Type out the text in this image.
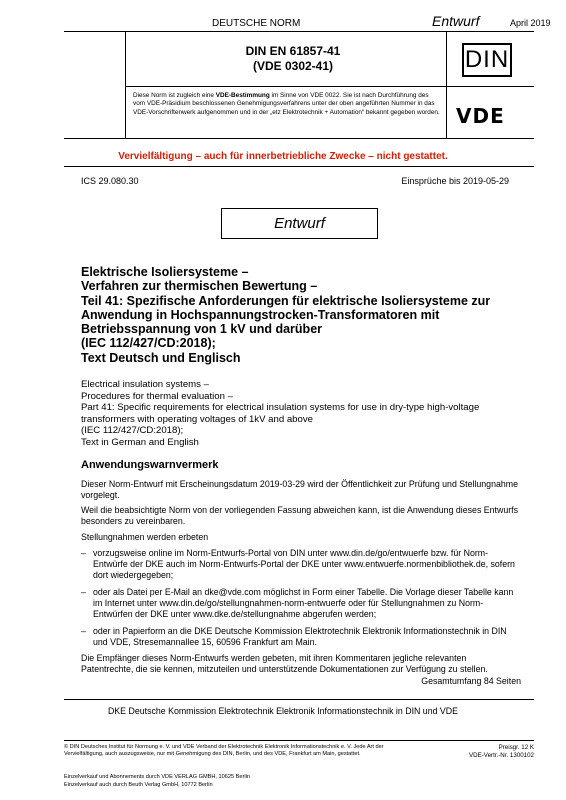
DEUTSCHE NORM	Entwurf	April 2019
DIN EN 61857-41
(VDE 0302-41)	DIN
Diese Norm ist zugleich eine VDE-Bestimmung im Sinne von VDE 0022. Sie ist nach Durchführung des vom VDE-Präsidium beschlossenen Genehmigungsverfahrens unter der oben angeführten Nummer in das VDE-Vorschriftenwerk aufgenommen und in der „etz Elektrotechnik + Automation“ bekannt gegeben worden. VDE
Vervielfältigung – auch für innerbetriebliche Zwecke – nicht gestattet.
ICS 29.080.30	Einsprüche bis 2019-05-29
Entwurf
Elektrische Isoliersysteme –
Verfahren zur thermischen Bewertung –
Teil 41: Spezifische Anforderungen für elektrische Isoliersysteme zur
Anwendung in Hochspannungstrocken-Transformatoren mit
Betriebsspannung von 1 kV und darüber
(IEC 112/427/CD:2018);
Text Deutsch und Englisch
Electrical insulation systems –
Procedures for thermal evaluation –
Part 41: Specific requirements for electrical insulation systems for use in dry-type high-voltage
transformers with operating voltages of 1kV and above
(IEC 112/427/CD:2018);
Text in German and English
Anwendungswarnvermerk
Dieser Norm-Entwurf mit Erscheinungsdatum 2019-03-29 wird der Öffentlichkeit zur Prüfung und Stellungnahme vorgelegt.
Weil die beabsichtigte Norm von der vorliegenden Fassung abweichen kann, ist die Anwendung dieses Entwurfs besonders zu vereinbaren.
Stellungnahmen werden erbeten
– vorzugsweise online im Norm-Entwurfs-Portal von DIN unter www.din.de/go/entwuerfe bzw. für Norm-Entwürfe der DKE auch im Norm-Entwurfs-Portal der DKE unter www.entwuerfe.normenbibliothek.de, sofern dort wiedergegeben;
– oder als Datei per E-Mail an dke@vde.com möglichst in Form einer Tabelle. Die Vorlage dieser Tabelle kann im Internet unter www.din.de/go/stellungnahmen-norm-entwuerfe oder für Stellungnahmen zu Norm-Entwürfen der DKE unter www.dke.de/stellungnahme abgerufen werden;
– oder in Papierform an die DKE Deutsche Kommission Elektrotechnik Elektronik Informationstechnik in DIN und VDE, Stresemannallee 15, 60596 Frankfurt am Main.
Die Empfänger dieses Norm-Entwurfs werden gebeten, mit ihren Kommentaren jegliche relevanten Patentrechte, die sie kennen, mitzuteilen und unterstützende Dokumentationen zur Verfügung zu stellen.
Gesamtumfang 84 Seiten
DKE Deutsche Kommission Elektrotechnik Elektronik Informationstechnik in DIN und VDE
© DIN Deutsches Institut für Normung e. V. und VDE Verband der Elektrotechnik Elektronik Informationstechnik e. V. Jede Art der Vervielfältigung, auch auszugsweise, nur mit Genehmigung des DIN, Berlin, und des VDE, Frankfurt am Main, gestattet.
Einzelverkauf und Abonnements durch VDE VERLAG GMBH, 10625 Berlin
Einzelverkauf auch durch Beuth Verlag GmbH, 10772 Berlin
Preisgr. 12 K
VDE-Vertr.-Nr. 1300102
